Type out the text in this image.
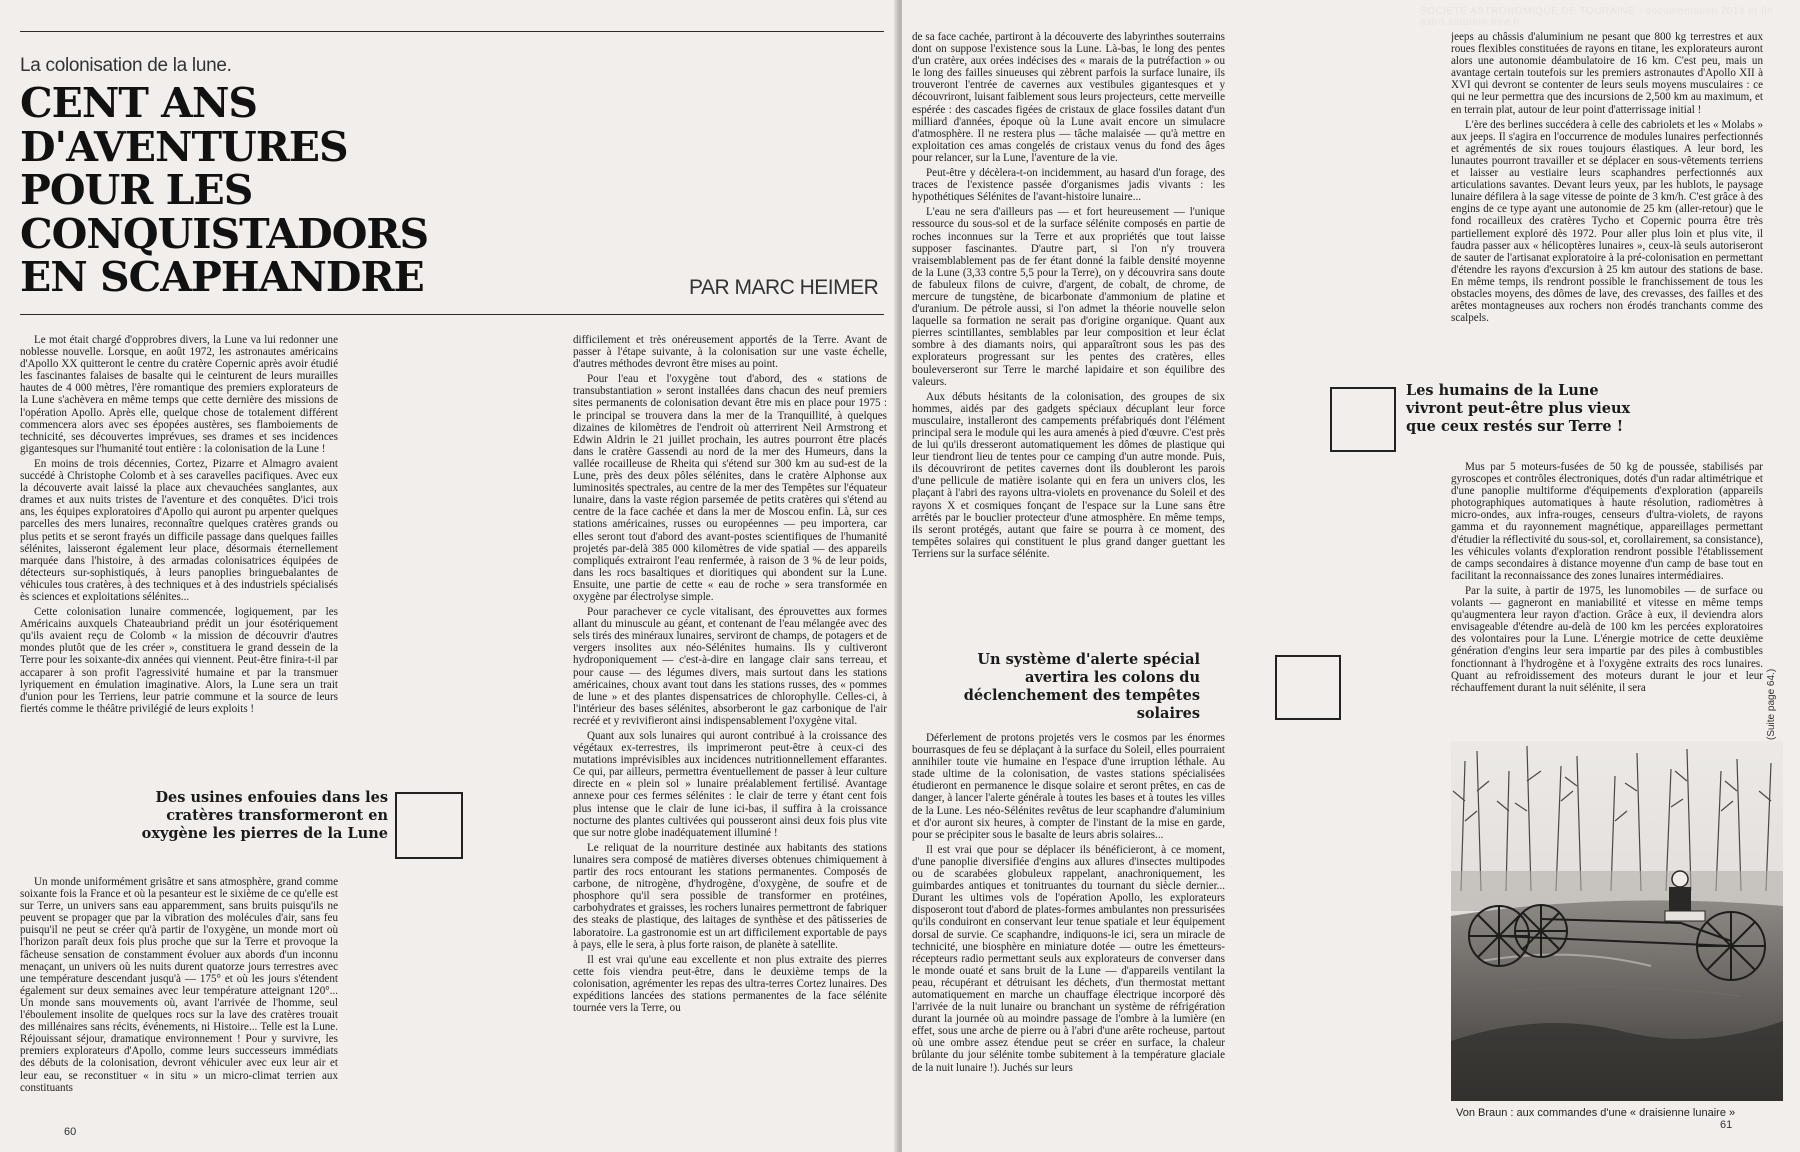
La colonisation de la lune.
CENT ANS D'AVENTURES POUR LES CONQUISTADORS EN SCAPHANDRE	PAR MARC HEIMER

Le mot était chargé d'opprobres divers, la Lune va lui redonner une noblesse nouvelle. Lorsque, en août 1972, les astronautes américains d'Apollo XX quitteront le centre du cratère Copernic après avoir étudié les fascinantes falaises de basalte qui le ceinturent de leurs murailles hautes de 4 000 mètres, l'ère romantique des premiers explorateurs de la Lune s'achèvera en même temps que cette dernière des missions de l'opération Apollo. Après elle, quelque chose de totalement différent commencera alors avec ses épopées austères, ses flamboiements de technicité, ses découvertes imprévues, ses drames et ses incidences gigantesques sur l'humanité tout entière : la colonisation de la Lune !

En moins de trois décennies, Cortez, Pizarre et Almagro avaient succédé à Christophe Colomb et à ses caravelles pacifiques. Avec eux la découverte avait laissé la place aux chevauchées sanglantes, aux drames et aux nuits tristes de l'aventure et des conquêtes. D'ici trois ans, les équipes exploratoires d'Apollo qui auront pu arpenter quelques parcelles des mers lunaires, reconnaître quelques cratères grands ou plus petits et se seront frayés un difficile passage dans quelques failles sélénites, laisseront également leur place, désormais éternellement marquée dans l'histoire, à des armadas colonisatrices équipées de détecteurs sur-sophistiqués, à leurs panoplies bringuebalantes de véhicules tous cratères, à des techniques et à des industriels spécialisés ès sciences et exploitations sélénites...

Cette colonisation lunaire commencée, logiquement, par les Américains auxquels Chateaubriand prédit un jour ésotériquement qu'ils avaient reçu de Colomb « la mission de découvrir d'autres mondes plutôt que de les créer », constituera le grand dessein de la Terre pour les soixante-dix années qui viennent. Peut-être finira-t-il par accaparer à son profit l'agressivité humaine et par la transmuer lyriquement en émulation imaginative. Alors, la Lune sera un trait d'union pour les Terriens, leur patrie commune et la source de leurs fiertés comme le théâtre privilégié de leurs exploits !

Des usines enfouies dans les cratères transformeront en oxygène les pierres de la Lune

Un monde uniformément grisâtre et sans atmosphère, grand comme soixante fois la France et où la pesanteur est le sixième de ce qu'elle est sur Terre, un univers sans eau apparemment, sans bruits puisqu'ils ne peuvent se propager que par la vibration des molécules d'air, sans feu puisqu'il ne peut se créer qu'à partir de l'oxygène, un monde mort où l'horizon paraît deux fois plus proche que sur la Terre et provoque la fâcheuse sensation de constamment évoluer aux abords d'un inconnu menaçant, un univers où les nuits durent quatorze jours terrestres avec une température descendant jusqu'à — 175° et où les jours s'étendent également sur deux semaines avec leur température atteignant 120°... Un monde sans mouvements où, avant l'arrivée de l'homme, seul l'éboulement insolite de quelques rocs sur la lave des cratères trouait des millénaires sans récits, événements, ni Histoire... Telle est la Lune. Réjouissant séjour, dramatique environnement ! Pour y survivre, les premiers explorateurs d'Apollo, comme leurs successeurs immédiats des débuts de la colonisation, devront véhiculer avec eux leur air et leur eau, se reconstituer « in situ » un micro-climat terrien aux constituants

difficilement et très onéreusement apportés de la Terre. Avant de passer à l'étape suivante, à la colonisation sur une vaste échelle, d'autres méthodes devront être mises au point.

Pour l'eau et l'oxygène tout d'abord, des « stations de transubstantiation » seront installées dans chacun des neuf premiers sites permanents de colonisation devant être mis en place pour 1975 : le principal se trouvera dans la mer de la Tranquillité, à quelques dizaines de kilomètres de l'endroit où atterrirent Neil Armstrong et Edwin Aldrin le 21 juillet prochain, les autres pourront être placés dans le cratère Gassendi au nord de la mer des Humeurs, dans la vallée rocailleuse de Rheita qui s'étend sur 300 km au sud-est de la Lune, près des deux pôles sélénites, dans le cratère Alphonse aux luminosités spectrales, au centre de la mer des Tempêtes sur l'équateur lunaire, dans la vaste région parsemée de petits cratères qui s'étend au centre de la face cachée et dans la mer de Moscou enfin. Là, sur ces stations américaines, russes ou européennes — peu importera, car elles seront tout d'abord des avant-postes scientifiques de l'humanité projetés par-delà 385 000 kilomètres de vide spatial — des appareils compliqués extrairont l'eau renfermée, à raison de 3 % de leur poids, dans les rocs basaltiques et dioritiques qui abondent sur la Lune. Ensuite, une partie de cette « eau de roche » sera transformée en oxygène par électrolyse simple.

Pour parachever ce cycle vitalisant, des éprouvettes aux formes allant du minuscule au géant, et contenant de l'eau mélangée avec des sels tirés des minéraux lunaires, serviront de champs, de potagers et de vergers insolites aux néo-Sélénites humains. Ils y cultiveront hydroponiquement — c'est-à-dire en langage clair sans terreau, et pour cause — des légumes divers, mais surtout dans les stations américaines, choux avant tout dans les stations russes, des « pommes de lune » et des plantes dispensatrices de chlorophylle. Celles-ci, à l'intérieur des bases sélénites, absorberont le gaz carbonique de l'air recréé et y revivifieront ainsi indispensablement l'oxygène vital.

Quant aux sols lunaires qui auront contribué à la croissance des végétaux ex-terrestres, ils imprimeront peut-être à ceux-ci des mutations imprévisibles aux incidences nutritionnellement effarantes. Ce qui, par ailleurs, permettra éventuellement de passer à leur culture directe en « plein sol » lunaire préalablement fertilisé. Avantage annexe pour ces fermes sélénites : le clair de terre y étant cent fois plus intense que le clair de lune ici-bas, il suffira à la croissance nocturne des plantes cultivées qui pousseront ainsi deux fois plus vite que sur notre globe inadéquatement illuminé !

Le reliquat de la nourriture destinée aux habitants des stations lunaires sera composé de matières diverses obtenues chimiquement à partir des rocs entourant les stations permanentes. Composés de carbone, de nitrogène, d'hydrogène, d'oxygène, de soufre et de phosphore qu'il sera possible de transformer en protéines, carbohydrates et graisses, les rochers lunaires permettront de fabriquer des steaks de plastique, des laitages de synthèse et des pâtisseries de laboratoire. La gastronomie est un art difficilement exportable de pays à pays, elle le sera, à plus forte raison, de planète à satellite.

Il est vrai qu'une eau excellente et non plus extraite des pierres cette fois viendra peut-être, dans le deuxième temps de la colonisation, agrémenter les repas des ultra-terres Cortez lunaires. Des expéditions lancées des stations permanentes de la face sélénite tournée vers la Terre, ou

60
SOCIETE ASTRONOMIQUE DE TOURAINE - documentation 2014 et fin - astro.saturnin.free.fr

de sa face cachée, partiront à la découverte des labyrinthes souterrains dont on suppose l'existence sous la Lune. Là-bas, le long des pentes d'un cratère, aux orées indécises des « marais de la putréfaction » ou le long des failles sinueuses qui zèbrent parfois la surface lunaire, ils trouveront l'entrée de cavernes aux vestibules gigantesques et y découvriront, luisant faiblement sous leurs projecteurs, cette merveille espérée : des cascades figées de cristaux de glace fossiles datant d'un milliard d'années, époque où la Lune avait encore un simulacre d'atmosphère. Il ne restera plus — tâche malaisée — qu'à mettre en exploitation ces amas congelés de cristaux venus du fond des âges pour relancer, sur la Lune, l'aventure de la vie.

Peut-être y décèlera-t-on incidemment, au hasard d'un forage, des traces de l'existence passée d'organismes jadis vivants : les hypothétiques Sélénites de l'avant-histoire lunaire...

L'eau ne sera d'ailleurs pas — et fort heureusement — l'unique ressource du sous-sol et de la surface sélénite composés en partie de roches inconnues sur la Terre et aux propriétés que tout laisse supposer fascinantes. D'autre part, si l'on n'y trouvera vraisemblablement pas de fer étant donné la faible densité moyenne de la Lune (3,33 contre 5,5 pour la Terre), on y découvrira sans doute de fabuleux filons de cuivre, d'argent, de cobalt, de chrome, de mercure de tungstène, de bicarbonate d'ammonium de platine et d'uranium. De pétrole aussi, si l'on admet la théorie nouvelle selon laquelle sa formation ne serait pas d'origine organique. Quant aux pierres scintillantes, semblables par leur composition et leur éclat sombre à des diamants noirs, qui apparaîtront sous les pas des explorateurs progressant sur les pentes des cratères, elles bouleverseront sur Terre le marché lapidaire et son équilibre des valeurs.

Aux débuts hésitants de la colonisation, des groupes de six hommes, aidés par des gadgets spéciaux décuplant leur force musculaire, installeront des campements préfabriqués dont l'élément principal sera le module qui les aura amenés à pied d'œuvre. C'est près de lui qu'ils dresseront automatiquement les dômes de plastique qui leur tiendront lieu de tentes pour ce camping d'un autre monde. Puis, ils découvriront de petites cavernes dont ils doubleront les parois d'une pellicule de matière isolante qui en fera un univers clos, les plaçant à l'abri des rayons ultra-violets en provenance du Soleil et des rayons X et cosmiques fonçant de l'espace sur la Lune sans être arrêtés par le bouclier protecteur d'une atmosphère. En même temps, ils seront protégés, autant que faire se pourra à ce moment, des tempêtes solaires qui constituent le plus grand danger guettant les Terriens sur la surface sélénite.

Un système d'alerte spécial avertira les colons du déclenchement des tempêtes solaires

Déferlement de protons projetés vers le cosmos par les énormes bourrasques de feu se déplaçant à la surface du Soleil, elles pourraient annihiler toute vie humaine en l'espace d'une irruption léthale. Au stade ultime de la colonisation, de vastes stations spécialisées étudieront en permanence le disque solaire et seront prêtes, en cas de danger, à lancer l'alerte générale à toutes les bases et à toutes les villes de la Lune. Les néo-Sélénites revêtus de leur scaphandre d'aluminium et d'or auront six heures, à compter de l'instant de la mise en garde, pour se précipiter sous le basalte de leurs abris solaires...

Il est vrai que pour se déplacer ils bénéficieront, à ce moment, d'une panoplie diversifiée d'engins aux allures d'insectes multipodes ou de scarabées globuleux rappelant, anachroniquement, les guimbardes antiques et tonitruantes du tournant du siècle dernier... Durant les ultimes vols de l'opération Apollo, les explorateurs disposeront tout d'abord de plates-formes ambulantes non pressurisées qu'ils conduiront en conservant leur tenue spatiale et leur équipement dorsal de survie. Ce scaphandre, indiquons-le ici, sera un miracle de technicité, une biosphère en miniature dotée — outre les émetteurs-récepteurs radio permettant seuls aux explorateurs de converser dans le monde ouaté et sans bruit de la Lune — d'appareils ventilant la peau, récupérant et détruisant les déchets, d'un thermostat mettant automatiquement en marche un chauffage électrique incorporé dès l'arrivée de la nuit lunaire ou branchant un système de réfrigération durant la journée où au moindre passage de l'ombre à la lumière (en effet, sous une arche de pierre ou à l'abri d'une arête rocheuse, partout où une ombre assez étendue peut se créer en surface, la chaleur brûlante du jour sélénite tombe subitement à la température glaciale de la nuit lunaire !). Juchés sur leurs

jeeps au châssis d'aluminium ne pesant que 800 kg terrestres et aux roues flexibles constituées de rayons en titane, les explorateurs auront alors une autonomie déambulatoire de 16 km. C'est peu, mais un avantage certain toutefois sur les premiers astronautes d'Apollo XII à XVI qui devront se contenter de leurs seuls moyens musculaires : ce qui ne leur permettra que des incursions de 2,500 km au maximum, et en terrain plat, autour de leur point d'atterrissage initial !

L'ère des berlines succédera à celle des cabriolets et les « Molabs » aux jeeps. Il s'agira en l'occurrence de modules lunaires perfectionnés et agrémentés de six roues toujours élastiques. A leur bord, les lunautes pourront travailler et se déplacer en sous-vêtements terriens et laisser au vestiaire leurs scaphandres perfectionnés aux articulations savantes. Devant leurs yeux, par les hublots, le paysage lunaire défilera à la sage vitesse de pointe de 3 km/h. C'est grâce à des engins de ce type ayant une autonomie de 25 km (aller-retour) que le fond rocailleux des cratères Tycho et Copernic pourra être très partiellement exploré dès 1972. Pour aller plus loin et plus vite, il faudra passer aux « hélicoptères lunaires », ceux-là seuls autoriseront de sauter de l'artisanat exploratoire à la pré-colonisation en permettant d'étendre les rayons d'excursion à 25 km autour des stations de base. En même temps, ils rendront possible le franchissement de tous les obstacles moyens, des dômes de lave, des crevasses, des failles et des arêtes montagneuses aux rochers non érodés tranchants comme des scalpels.

Les humains de la Lune vivront peut-être plus vieux que ceux restés sur Terre !

Mus par 5 moteurs-fusées de 50 kg de poussée, stabilisés par gyroscopes et contrôles électroniques, dotés d'un radar altimétrique et d'une panoplie multiforme d'équipements d'exploration (appareils photographiques automatiques à haute résolution, radiomètres à micro-ondes, aux infra-rouges, censeurs d'ultra-violets, de rayons gamma et du rayonnement magnétique, appareillages permettant d'étudier la réflectivité du sous-sol, et, corollairement, sa consistance), les véhicules volants d'exploration rendront possible l'établissement de camps secondaires à distance moyenne d'un camp de base tout en facilitant la reconnaissance des zones lunaires intermédiaires.

Par la suite, à partir de 1975, les lunomobiles — de surface ou volants — gagneront en maniabilité et vitesse en même temps qu'augmentera leur rayon d'action. Grâce à eux, il deviendra alors envisageable d'étendre au-delà de 100 km les percées exploratoires des volontaires pour la Lune. L'énergie motrice de cette deuxième génération d'engins leur sera impartie par des piles à combustibles fonctionnant à l'hydrogène et à l'oxygène extraits des rocs lunaires. Quant au refroidissement des moteurs durant le jour et leur réchauffement durant la nuit sélénite, il sera

61
Von Braun : aux commandes d'une « draisienne lunaire »
(Suite page 64.)
